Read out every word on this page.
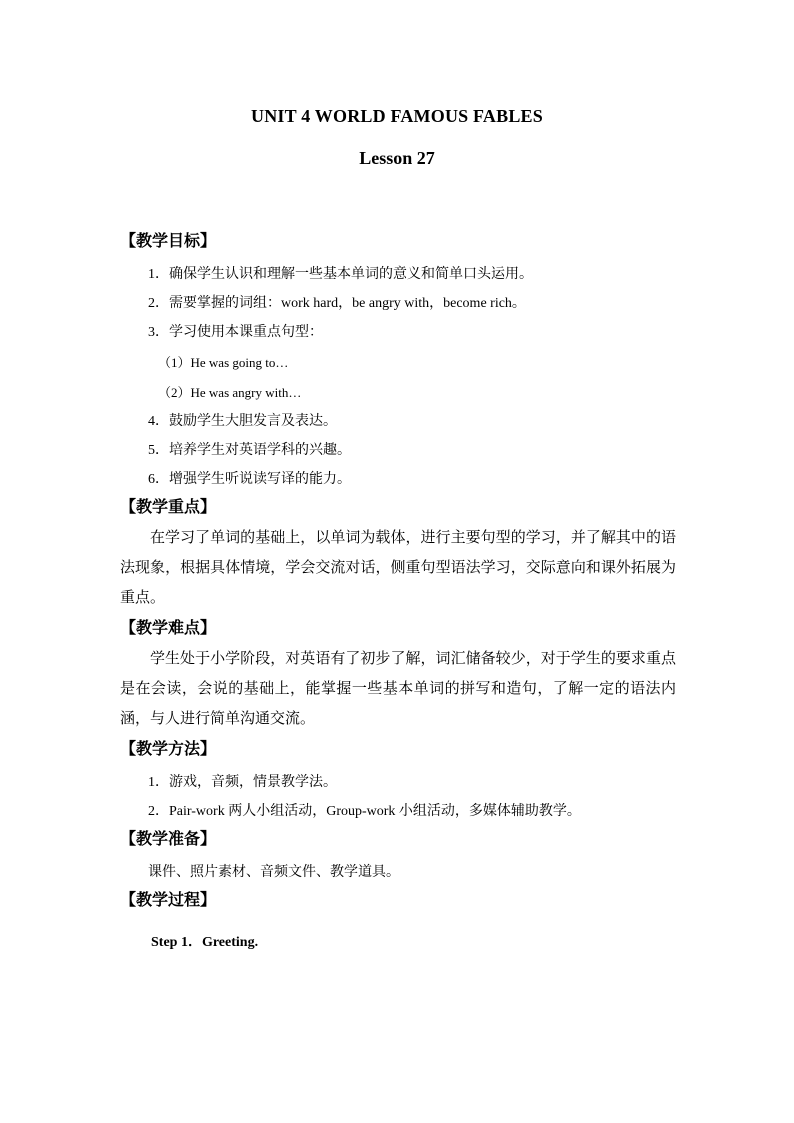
UNIT 4 WORLD FAMOUS FABLES
Lesson 27
【教学目标】
1．确保学生认识和理解一些基本单词的意义和简单口头运用。
2．需要掌握的词组：work hard，be angry with，become rich。
3．学习使用本课重点句型：
（1）He was going to…
（2）He was angry with…
4．鼓励学生大胆发言及表达。
5．培养学生对英语学科的兴趣。
6．增强学生听说读写译的能力。
【教学重点】
在学习了单词的基础上，以单词为载体，进行主要句型的学习，并了解其中的语法现象，根据具体情境，学会交流对话，侧重句型语法学习，交际意向和课外拓展为重点。
【教学难点】
学生处于小学阶段，对英语有了初步了解，词汇储备较少，对于学生的要求重点是在会读，会说的基础上，能掌握一些基本单词的拼写和造句，了解一定的语法内涵，与人进行简单沟通交流。
【教学方法】
1．游戏，音频，情景教学法。
2．Pair-work 两人小组活动，Group-work 小组活动，多媒体辅助教学。
【教学准备】
课件、照片素材、音频文件、教学道具。
【教学过程】
Step 1．Greeting.
